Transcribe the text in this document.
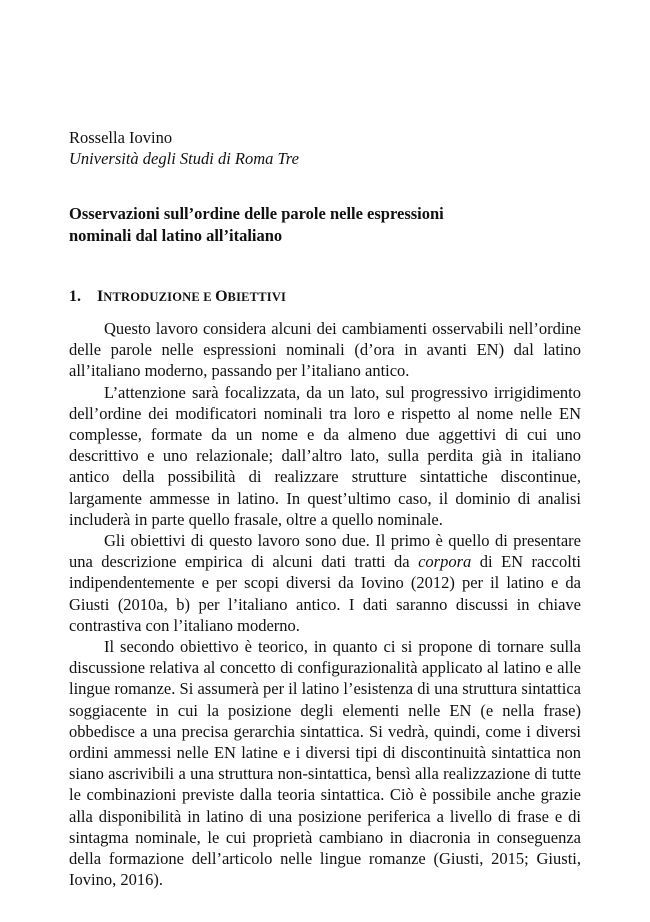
Rossella Iovino

Università degli Studi di Roma Tre

Osservazioni sull’ordine delle parole nelle espressioni
nominali dal latino all’italiano
1. INTRODUZIONE E OBIETTIVI

Questo lavoro considera alcuni dei cambiamenti osservabili nell’ordine delle parole nelle espressioni nominali (d’ora in avanti EN) dal latino all’italiano moderno, passando per l’italiano antico.

L’attenzione sarà focalizzata, da un lato, sul progressivo irrigidimento dell’ordine dei modificatori nominali tra loro e rispetto al nome nelle EN complesse, formate da un nome e da almeno due aggettivi di cui uno descrittivo e uno relazionale; dall’altro lato, sulla perdita già in italiano antico della possibilità di realizzare strutture sintattiche discontinue, largamente ammesse in latino. In quest’ultimo caso, il dominio di analisi includerà in parte quello frasale, oltre a quello nominale.

Gli obiettivi di questo lavoro sono due. Il primo è quello di presentare una descrizione empirica di alcuni dati tratti da corpora di EN raccolti indipendentemente e per scopi diversi da Iovino (2012) per il latino e da Giusti (2010a, b) per l’italiano antico. I dati saranno discussi in chiave contrastiva con l’italiano moderno.

Il secondo obiettivo è teorico, in quanto ci si propone di tornare sulla discussione relativa al concetto di configurazionalità applicato al latino e alle lingue romanze. Si assumerà per il latino l’esistenza di una struttura sintattica soggiacente in cui la posizione degli elementi nelle EN (e nella frase) obbedisce a una precisa gerarchia sintattica. Si vedrà, quindi, come i diversi ordini ammessi nelle EN latine e i diversi tipi di discontinuità sintattica non siano ascrivibili a una struttura non-sintattica, bensì alla realizzazione di tutte le combinazioni previste dalla teoria sintattica. Ciò è possibile anche grazie alla disponibilità in latino di una posizione periferica a livello di frase e di sintagma nominale, le cui proprietà cambiano in diacronia in conseguenza della formazione dell’articolo nelle lingue romanze (Giusti, 2015; Giusti, Iovino, 2016).
